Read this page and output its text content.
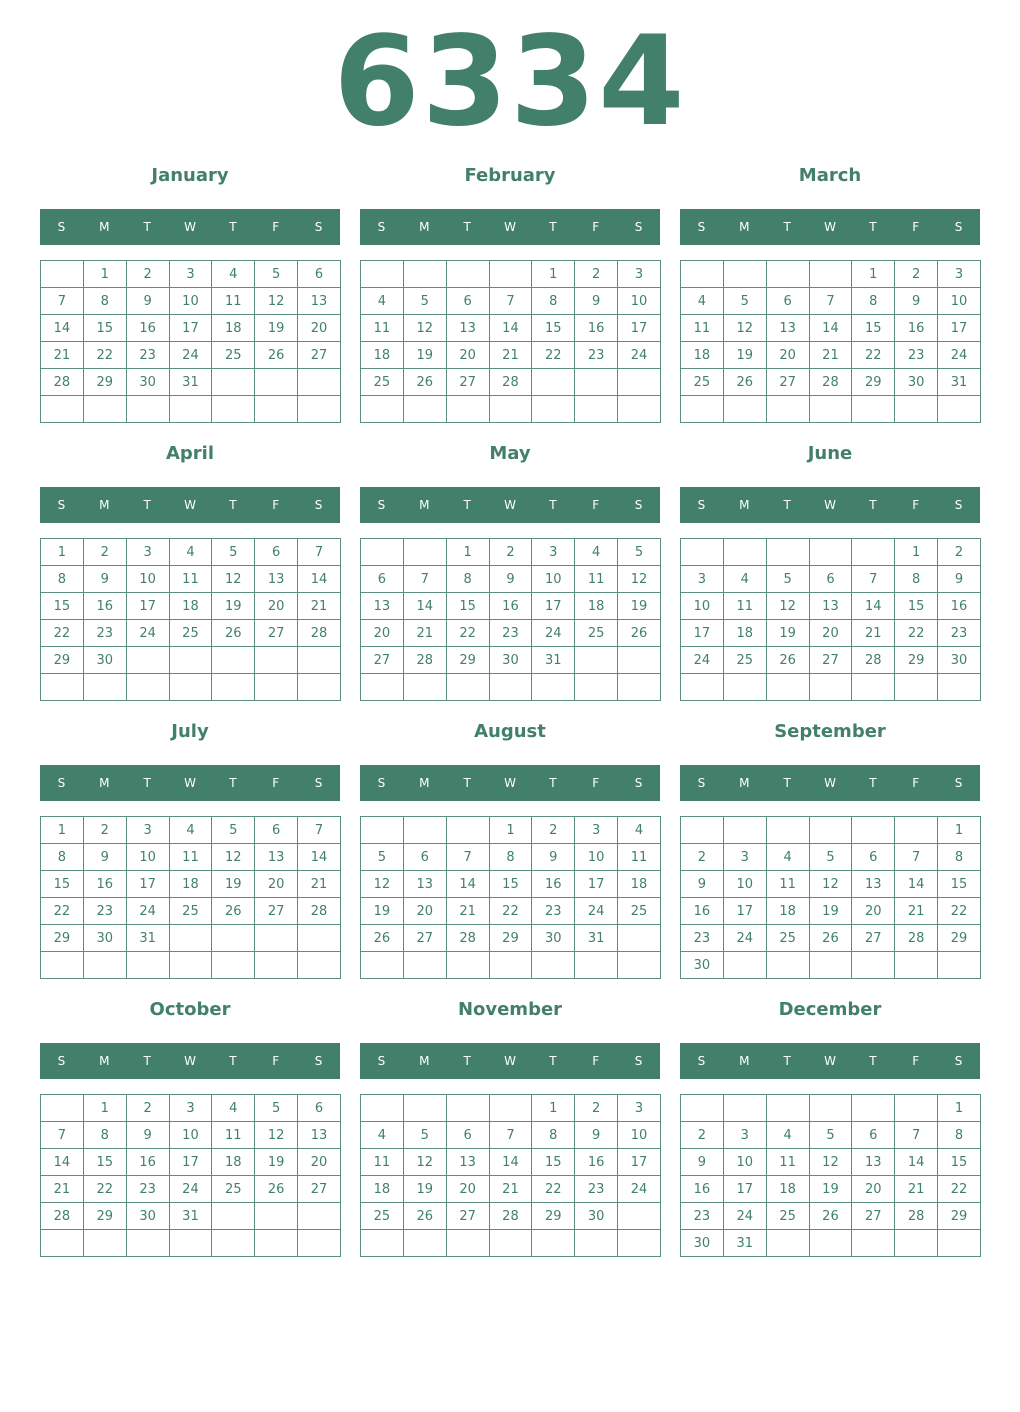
6334
January
S	M	T	W	T	F	S
	1	2	3	4	5	6
7	8	9	10	11	12	13
14	15	16	17	18	19	20
21	22	23	24	25	26	27
28	29	30	31			

February
S	M	T	W	T	F	S
				1	2	3
4	5	6	7	8	9	10
11	12	13	14	15	16	17
18	19	20	21	22	23	24
25	26	27	28			

March
S	M	T	W	T	F	S
				1	2	3
4	5	6	7	8	9	10
11	12	13	14	15	16	17
18	19	20	21	22	23	24
25	26	27	28	29	30	31

April
S	M	T	W	T	F	S
1	2	3	4	5	6	7
8	9	10	11	12	13	14
15	16	17	18	19	20	21
22	23	24	25	26	27	28
29	30					

May
S	M	T	W	T	F	S
		1	2	3	4	5
6	7	8	9	10	11	12
13	14	15	16	17	18	19
20	21	22	23	24	25	26
27	28	29	30	31		

June
S	M	T	W	T	F	S
					1	2
3	4	5	6	7	8	9
10	11	12	13	14	15	16
17	18	19	20	21	22	23
24	25	26	27	28	29	30

July
S	M	T	W	T	F	S
1	2	3	4	5	6	7
8	9	10	11	12	13	14
15	16	17	18	19	20	21
22	23	24	25	26	27	28
29	30	31				

August
S	M	T	W	T	F	S
			1	2	3	4
5	6	7	8	9	10	11
12	13	14	15	16	17	18
19	20	21	22	23	24	25
26	27	28	29	30	31	

September
S	M	T	W	T	F	S
						1
2	3	4	5	6	7	8
9	10	11	12	13	14	15
16	17	18	19	20	21	22
23	24	25	26	27	28	29
30						
October
S	M	T	W	T	F	S
	1	2	3	4	5	6
7	8	9	10	11	12	13
14	15	16	17	18	19	20
21	22	23	24	25	26	27
28	29	30	31			

November
S	M	T	W	T	F	S
				1	2	3
4	5	6	7	8	9	10
11	12	13	14	15	16	17
18	19	20	21	22	23	24
25	26	27	28	29	30	

December
S	M	T	W	T	F	S
						1
2	3	4	5	6	7	8
9	10	11	12	13	14	15
16	17	18	19	20	21	22
23	24	25	26	27	28	29
30	31					
